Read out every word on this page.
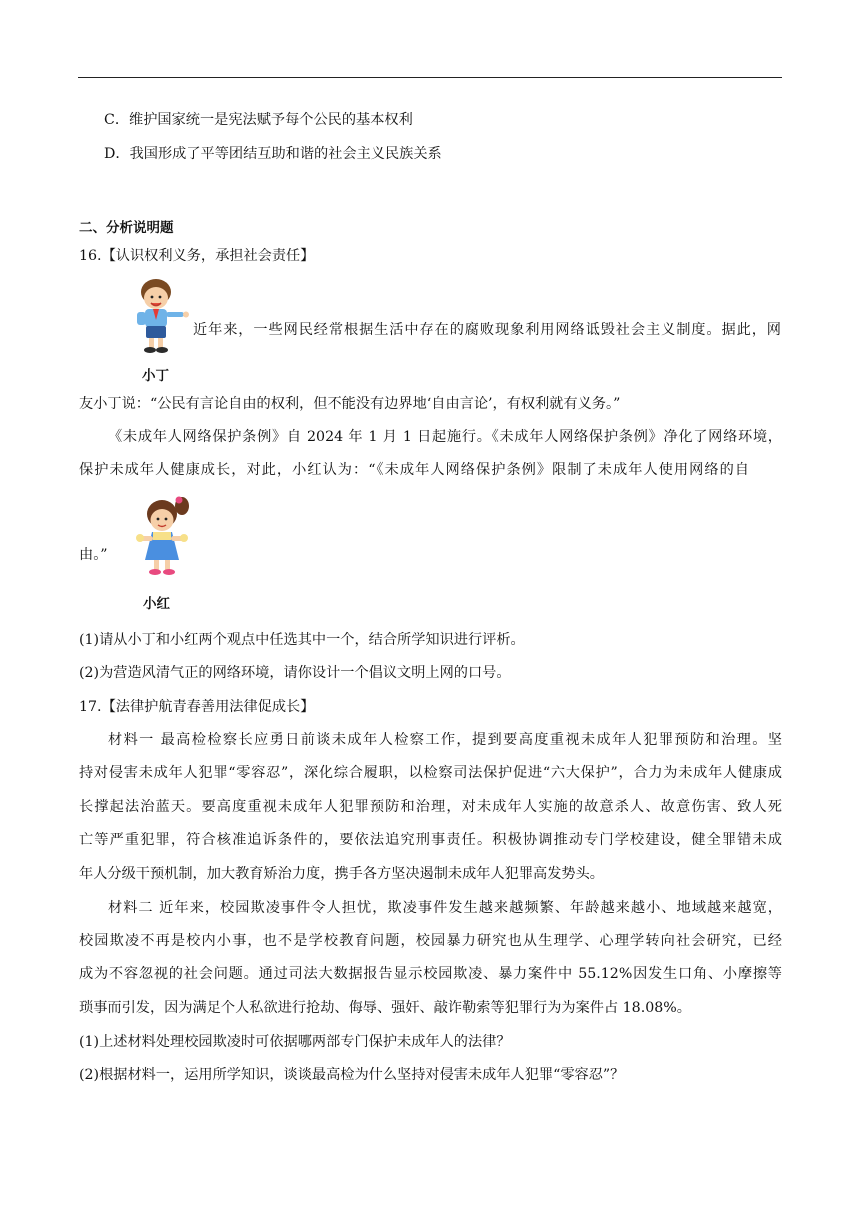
C．维护国家统一是宪法赋予每个公民的基本权利
D．我国形成了平等团结互助和谐的社会主义民族关系
二、分析说明题
16.【认识权利义务，承担社会责任】
小丁
近年来，一些网民经常根据生活中存在的腐败现象利用网络诋毁社会主义制度。据此，网
友小丁说：“公民有言论自由的权利，但不能没有边界地‘自由言论’，有权利就有义务。”
《未成年人网络保护条例》自 2024 年 1 月 1 日起施行。《未成年人网络保护条例》净化了网络环境，
保护未成年人健康成长，对此，小红认为：“《未成年人网络保护条例》限制了未成年人使用网络的自
由。”
小红
(1)请从小丁和小红两个观点中任选其中一个，结合所学知识进行评析。
(2)为营造风清气正的网络环境，请你设计一个倡议文明上网的口号。
17.【法律护航青春善用法律促成长】
材料一 最高检检察长应勇日前谈未成年人检察工作，提到要高度重视未成年人犯罪预防和治理。坚
持对侵害未成年人犯罪“零容忍”，深化综合履职，以检察司法保护促进“六大保护”，合力为未成年人健康成
长撑起法治蓝天。要高度重视未成年人犯罪预防和治理，对未成年人实施的故意杀人、故意伤害、致人死
亡等严重犯罪，符合核准追诉条件的，要依法追究刑事责任。积极协调推动专门学校建设，健全罪错未成
年人分级干预机制，加大教育矫治力度，携手各方坚决遏制未成年人犯罪高发势头。
材料二 近年来，校园欺凌事件令人担忧，欺凌事件发生越来越频繁、年龄越来越小、地域越来越宽，
校园欺凌不再是校内小事，也不是学校教育问题，校园暴力研究也从生理学、心理学转向社会研究，已经
成为不容忽视的社会问题。通过司法大数据报告显示校园欺凌、暴力案件中 55.12%因发生口角、小摩擦等
琐事而引发，因为满足个人私欲进行抢劫、侮辱、强奸、敲诈勒索等犯罪行为为案件占 18.08%。
(1)上述材料处理校园欺凌时可依据哪两部专门保护未成年人的法律？
(2)根据材料一，运用所学知识，谈谈最高检为什么坚持对侵害未成年人犯罪“零容忍”？
